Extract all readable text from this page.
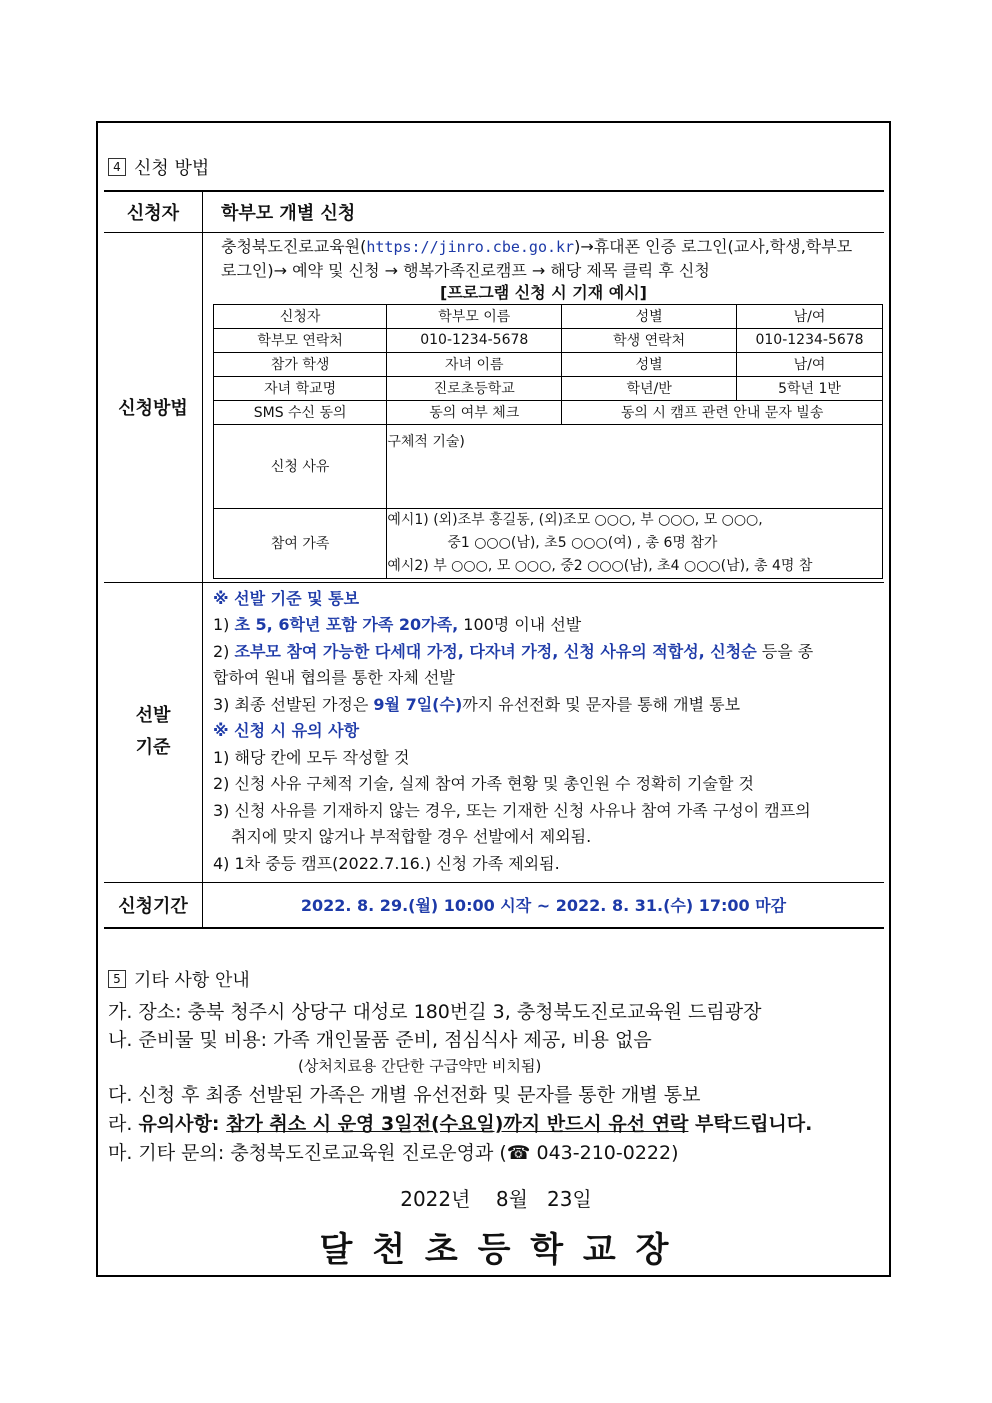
4 신청 방법
신청자	학부모 개별 신청
신청방법	
충청북도진로교육원(https://jinro.cbe.go.kr)→휴대폰 인증 로그인(교사,학생,학부모
로그인)→ 예약 및 신청 → 행복가족진로캠프 → 해당 제목 클릭 후 신청
[프로그램 신청 시 기재 예시]
신청자	학부모 이름	성별	남/여
학부모 연락처	010-1234-5678	학생 연락처	010-1234-5678
참가 학생	자녀 이름	성별	남/여
자녀 학교명	진로초등학교	학년/반	5학년 1반
SMS 수신 동의	동의 여부 체크	동의 시 캠프 관련 안내 문자 빌송
신청 사유	구체적 기술)
참여 가족	
예시1) (외)조부 홍길동, (외)조모 ○○○, 부 ○○○, 모 ○○○,
중1 ○○○(남), 초5 ○○○(여) , 총 6명 참가
예시2) 부 ○○○, 모 ○○○, 중2 ○○○(남), 초4 ○○○(남), 총 4명 참

선발
기준

※ 선발 기준 및 통보
1) 초 5, 6학년 포함 가족 20가족, 100명 이내 선발
2) 조부모 참여 가능한 다세대 가정, 다자녀 가정, 신청 사유의 적합성, 신청순 등을 종
합하여 원내 협의를 통한 자체 선발
3) 최종 선발된 가정은 9월 7일(수)까지 유선전화 및 문자를 통해 개별 통보
※ 신청 시 유의 사항
1) 해당 칸에 모두 작성할 것
2) 신청 사유 구체적 기술, 실제 참여 가족 현황 및 총인원 수 정확히 기술할 것
3) 신청 사유를 기재하지 않는 경우, 또는 기재한 신청 사유나 참여 가족 구성이 캠프의
취지에 맞지 않거나 부적합할 경우 선발에서 제외됨.
4) 1차 중등 캠프(2022.7.16.) 신청 가족 제외됨.

신청기간	2022. 8. 29.(월) 10:00 시작 ~ 2022. 8. 31.(수) 17:00 마감
5 기타 사항 안내
가. 장소: 충북 청주시 상당구 대성로 180번길 3, 충청북도진로교육원 드림광장
나. 준비물 및 비용: 가족 개인물품 준비, 점심식사 제공, 비용 없음
(상처치료용 간단한 구급약만 비치됨)
다. 신청 후 최종 선발된 가족은 개별 유선전화 및 문자를 통한 개별 통보
라. 유의사항: 참가 취소 시 운영 3일전(수요일)까지 반드시 유선 연락 부탁드립니다.
마. 기타 문의: 충청북도진로교육원 진로운영과 (☎ 043-210-0222)
2022년    8월   23일
달 천 초 등 학 교 장
